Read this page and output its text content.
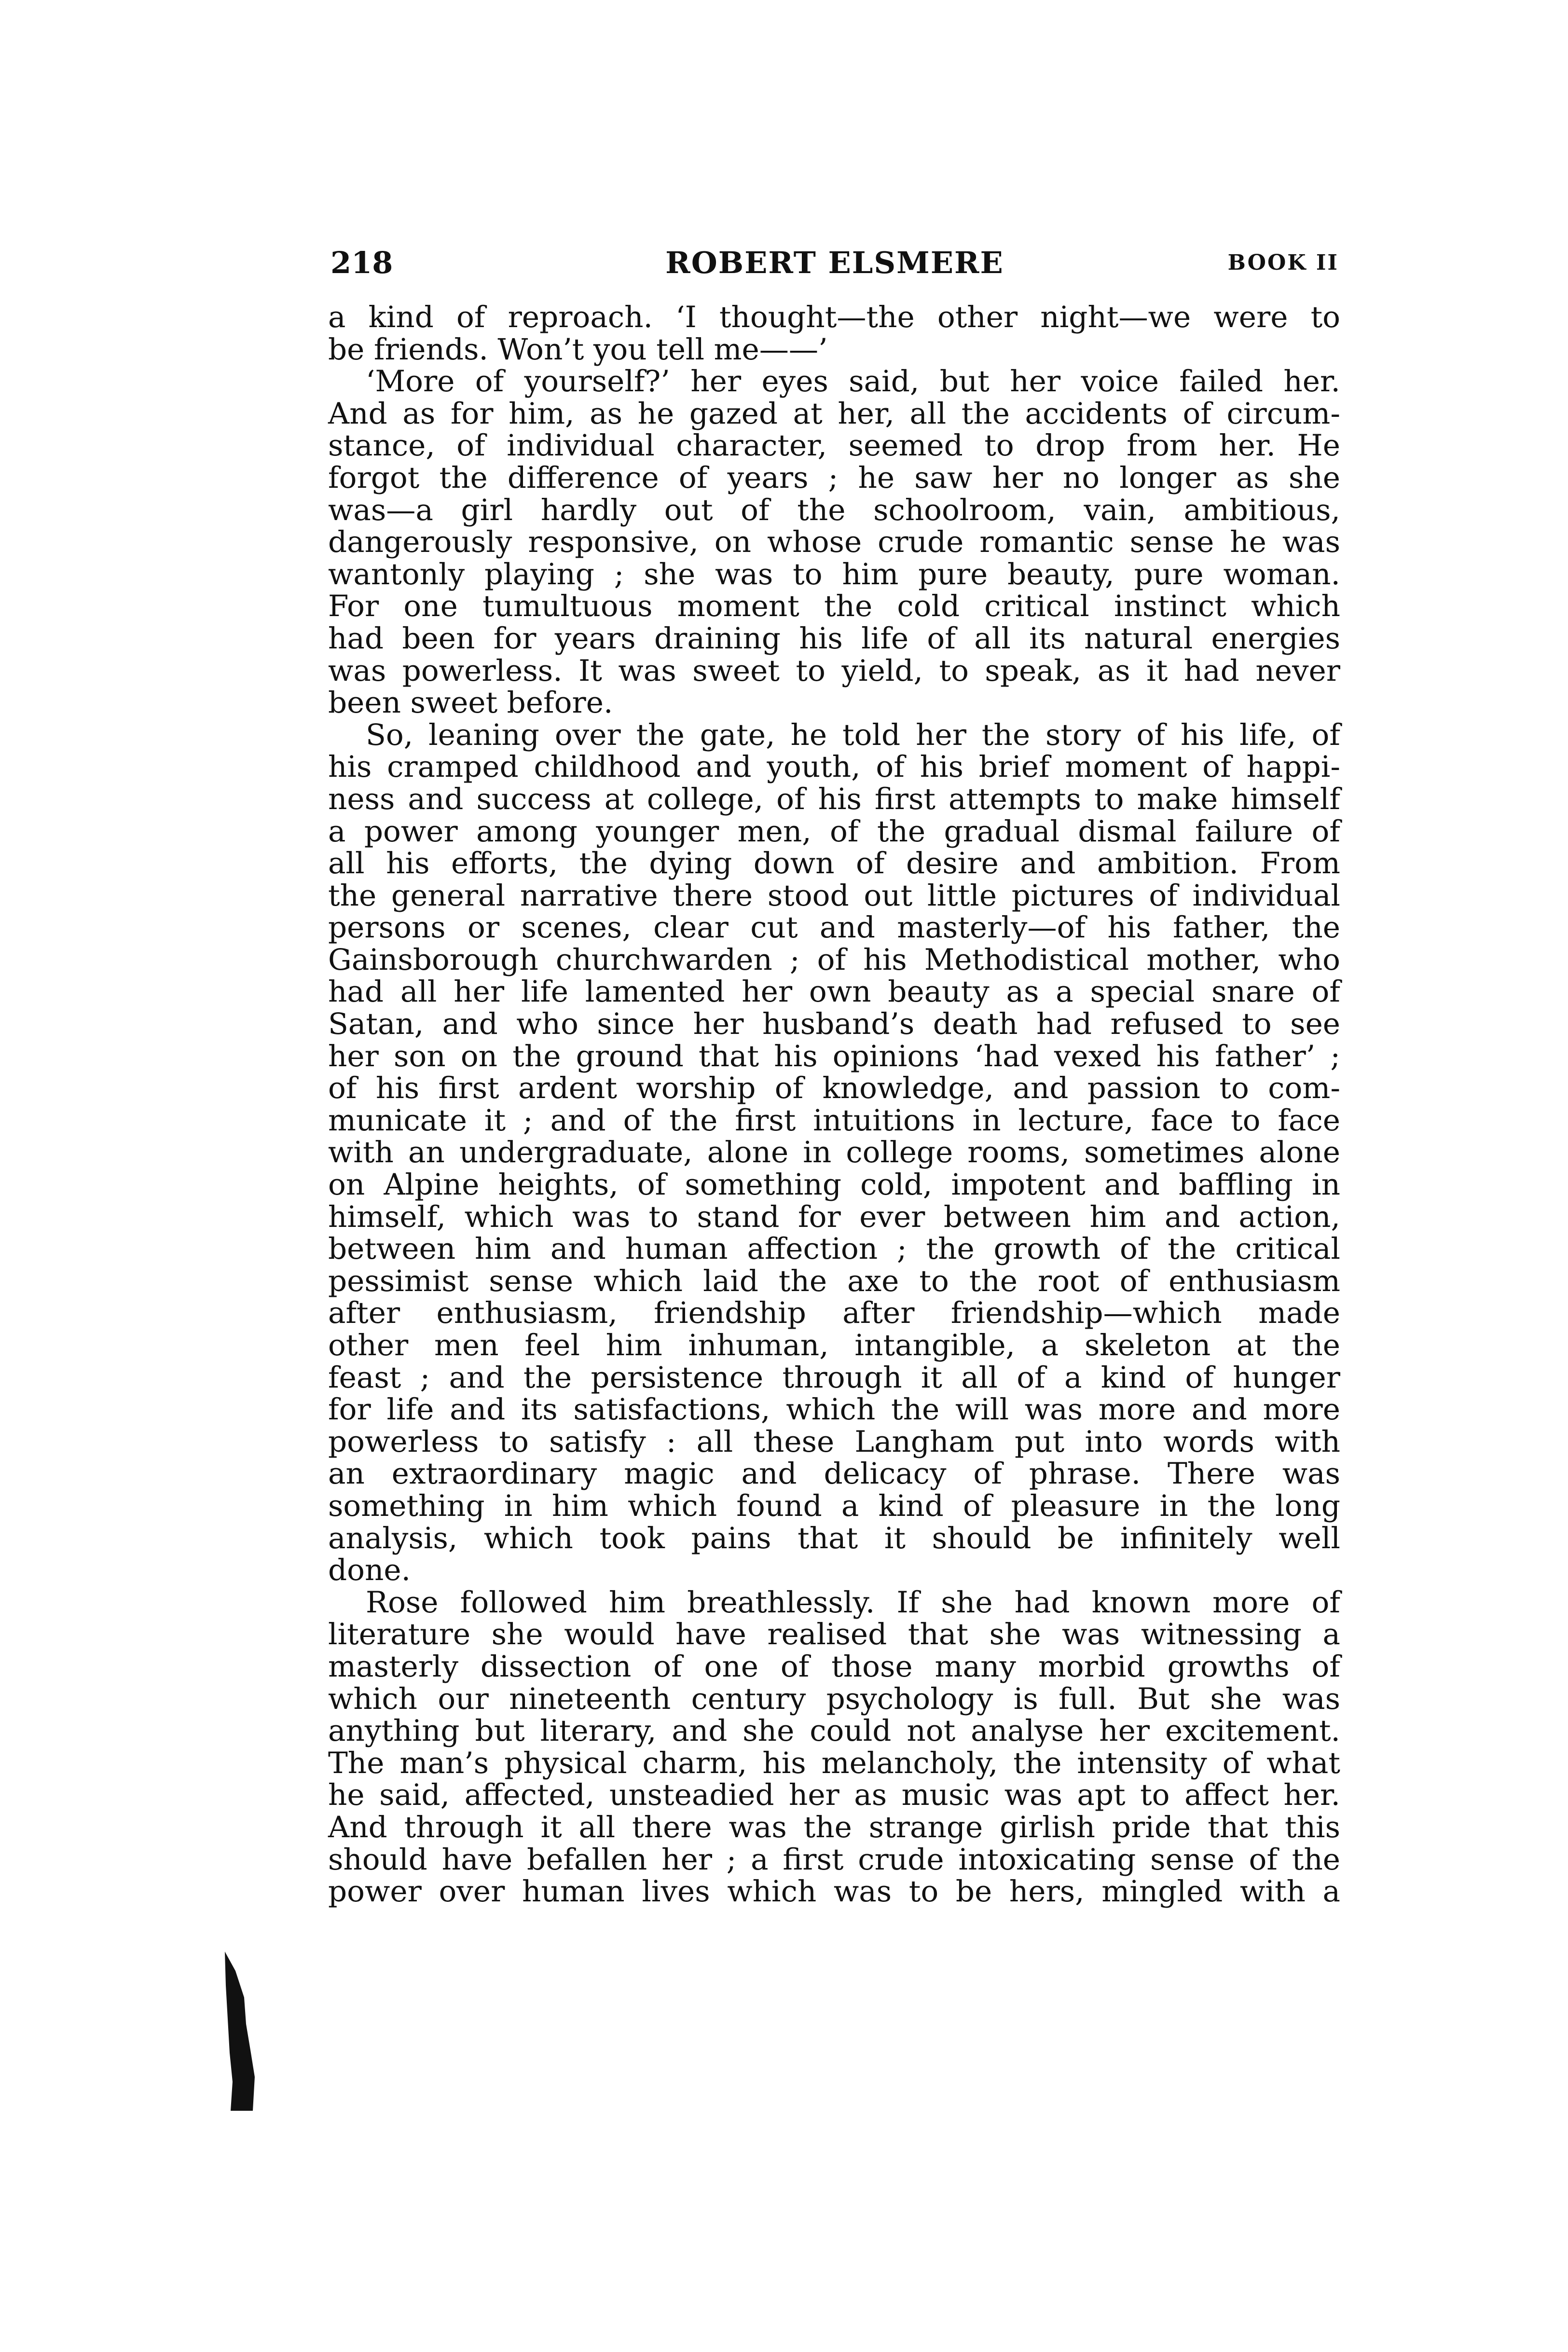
218	ROBERT ELSMERE	BOOK II
a kind of reproach. ‘I thought—the other night—we were to
be friends. Won’t you tell me——’
‘More of yourself?’ her eyes said, but her voice failed her.
And as for him, as he gazed at her, all the accidents of circum-
stance, of individual character, seemed to drop from her. He
forgot the difference of years ; he saw her no longer as she
was—a girl hardly out of the schoolroom, vain, ambitious,
dangerously responsive, on whose crude romantic sense he was
wantonly playing ; she was to him pure beauty, pure woman.
For one tumultuous moment the cold critical instinct which
had been for years draining his life of all its natural energies
was powerless. It was sweet to yield, to speak, as it had never
been sweet before.
So, leaning over the gate, he told her the story of his life, of
his cramped childhood and youth, of his brief moment of happi-
ness and success at college, of his first attempts to make himself
a power among younger men, of the gradual dismal failure of
all his efforts, the dying down of desire and ambition. From
the general narrative there stood out little pictures of individual
persons or scenes, clear cut and masterly—of his father, the
Gainsborough churchwarden ; of his Methodistical mother, who
had all her life lamented her own beauty as a special snare of
Satan, and who since her husband’s death had refused to see
her son on the ground that his opinions ‘had vexed his father’ ;
of his first ardent worship of knowledge, and passion to com-
municate it ; and of the first intuitions in lecture, face to face
with an undergraduate, alone in college rooms, sometimes alone
on Alpine heights, of something cold, impotent and baffling in
himself, which was to stand for ever between him and action,
between him and human affection ; the growth of the critical
pessimist sense which laid the axe to the root of enthusiasm
after enthusiasm, friendship after friendship—which made
other men feel him inhuman, intangible, a skeleton at the
feast ; and the persistence through it all of a kind of hunger
for life and its satisfactions, which the will was more and more
powerless to satisfy : all these Langham put into words with
an extraordinary magic and delicacy of phrase. There was
something in him which found a kind of pleasure in the long
analysis, which took pains that it should be infinitely well
done.
Rose followed him breathlessly. If she had known more of
literature she would have realised that she was witnessing a
masterly dissection of one of those many morbid growths of
which our nineteenth century psychology is full. But she was
anything but literary, and she could not analyse her excitement.
The man’s physical charm, his melancholy, the intensity of what
he said, affected, unsteadied her as music was apt to affect her.
And through it all there was the strange girlish pride that this
should have befallen her ; a first crude intoxicating sense of the
power over human lives which was to be hers, mingled with a
